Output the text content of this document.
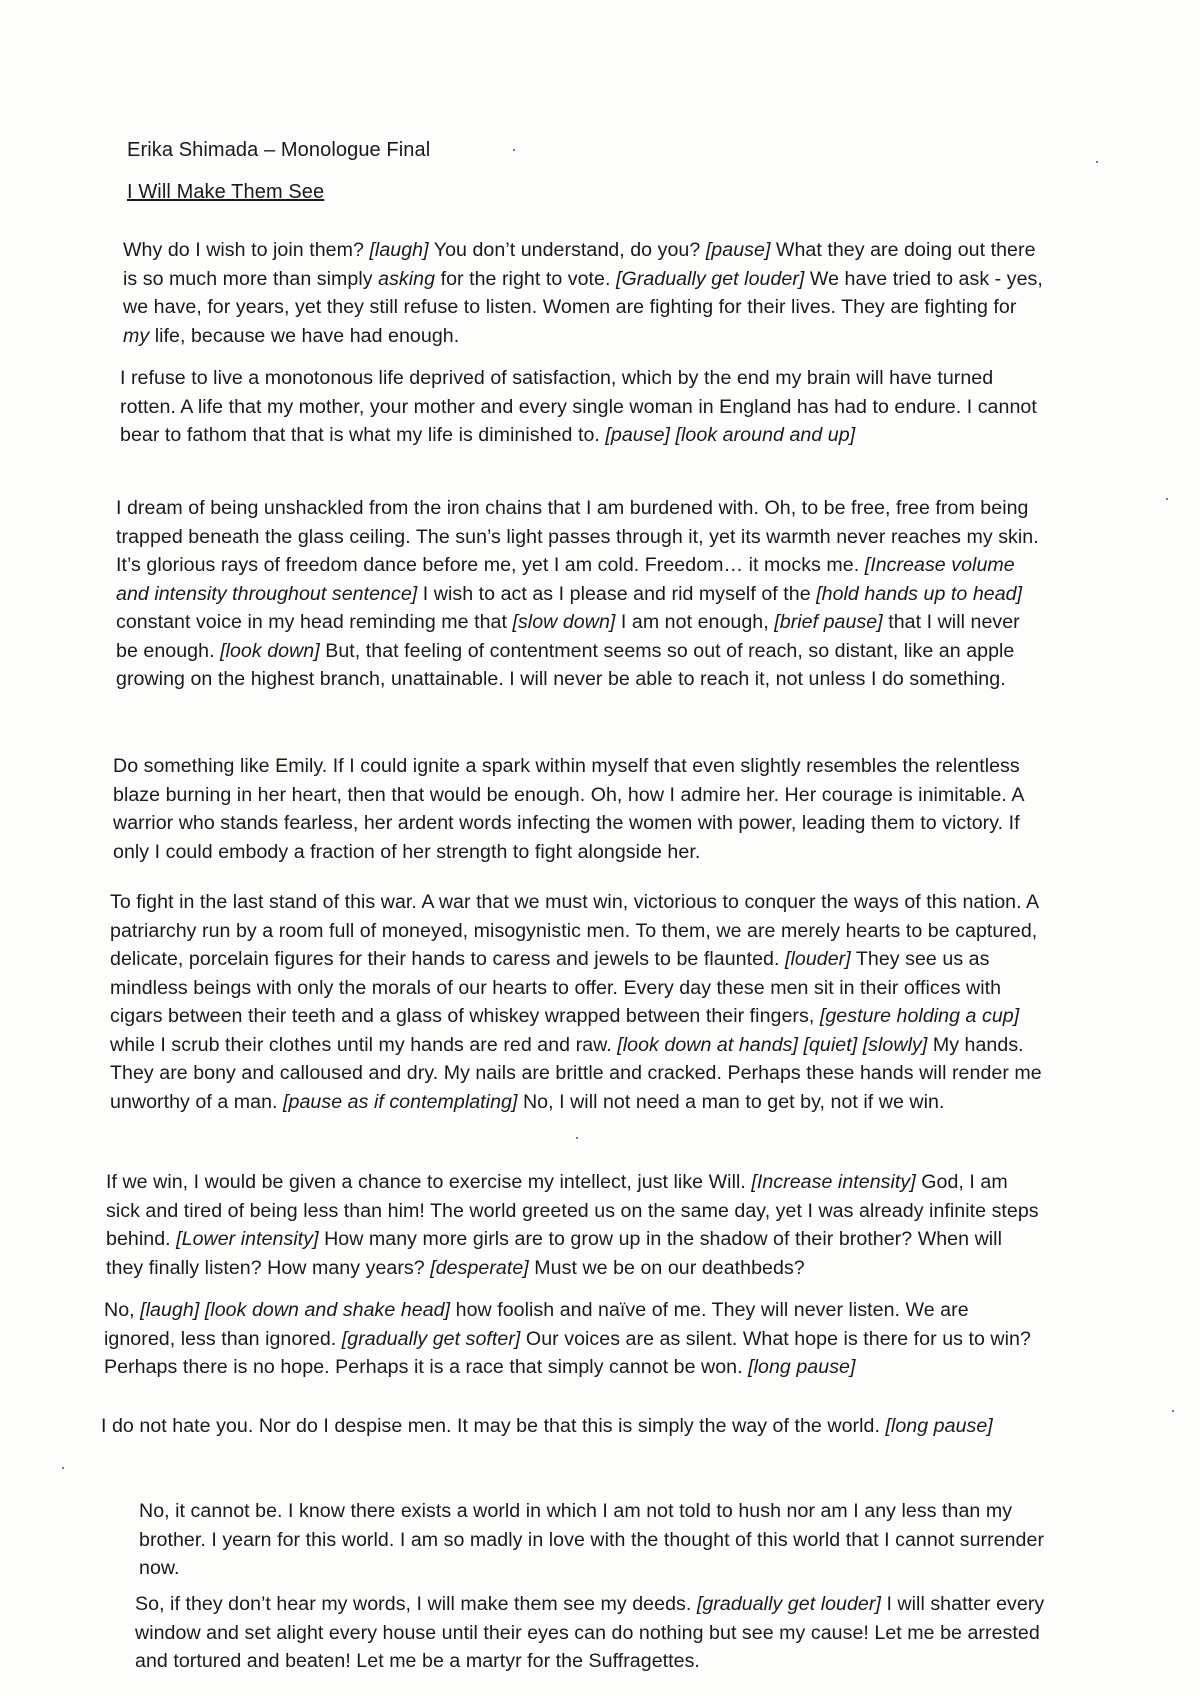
Erika Shimada – Monologue Final
I Will Make Them See

Why do I wish to join them? [laugh] You don’t understand, do you? [pause] What they are doing out there is so much more than simply asking for the right to vote. [Gradually get louder] We have tried to ask - yes, we have, for years, yet they still refuse to listen. Women are fighting for their lives. They are fighting for my life, because we have had enough.

I refuse to live a monotonous life deprived of satisfaction, which by the end my brain will have turned rotten. A life that my mother, your mother and every single woman in England has had to endure. I cannot bear to fathom that that is what my life is diminished to. [pause] [look around and up]

I dream of being unshackled from the iron chains that I am burdened with. Oh, to be free, free from being trapped beneath the glass ceiling. The sun’s light passes through it, yet its warmth never reaches my skin. It’s glorious rays of freedom dance before me, yet I am cold. Freedom… it mocks me. [Increase volume and intensity throughout sentence] I wish to act as I please and rid myself of the [hold hands up to head] constant voice in my head reminding me that [slow down] I am not enough, [brief pause] that I will never be enough. [look down] But, that feeling of contentment seems so out of reach, so distant, like an apple growing on the highest branch, unattainable. I will never be able to reach it, not unless I do something.

Do something like Emily. If I could ignite a spark within myself that even slightly resembles the relentless blaze burning in her heart, then that would be enough. Oh, how I admire her. Her courage is inimitable. A warrior who stands fearless, her ardent words infecting the women with power, leading them to victory. If only I could embody a fraction of her strength to fight alongside her.

To fight in the last stand of this war. A war that we must win, victorious to conquer the ways of this nation. A patriarchy run by a room full of moneyed, misogynistic men. To them, we are merely hearts to be captured, delicate, porcelain figures for their hands to caress and jewels to be flaunted. [louder] They see us as mindless beings with only the morals of our hearts to offer. Every day these men sit in their offices with cigars between their teeth and a glass of whiskey wrapped between their fingers, [gesture holding a cup] while I scrub their clothes until my hands are red and raw. [look down at hands] [quiet] [slowly] My hands. They are bony and calloused and dry. My nails are brittle and cracked. Perhaps these hands will render me unworthy of a man. [pause as if contemplating] No, I will not need a man to get by, not if we win.

If we win, I would be given a chance to exercise my intellect, just like Will. [Increase intensity] God, I am sick and tired of being less than him! The world greeted us on the same day, yet I was already infinite steps behind. [Lower intensity] How many more girls are to grow up in the shadow of their brother? When will they finally listen? How many years? [desperate] Must we be on our deathbeds?

No, [laugh] [look down and shake head] how foolish and naïve of me. They will never listen. We are ignored, less than ignored. [gradually get softer] Our voices are as silent. What hope is there for us to win? Perhaps there is no hope. Perhaps it is a race that simply cannot be won. [long pause]

I do not hate you. Nor do I despise men. It may be that this is simply the way of the world. [long pause]

No, it cannot be. I know there exists a world in which I am not told to hush nor am I any less than my brother. I yearn for this world. I am so madly in love with the thought of this world that I cannot surrender now.

So, if they don’t hear my words, I will make them see my deeds. [gradually get louder] I will shatter every window and set alight every house until their eyes can do nothing but see my cause! Let me be arrested and tortured and beaten! Let me be a martyr for the Suffragettes.
